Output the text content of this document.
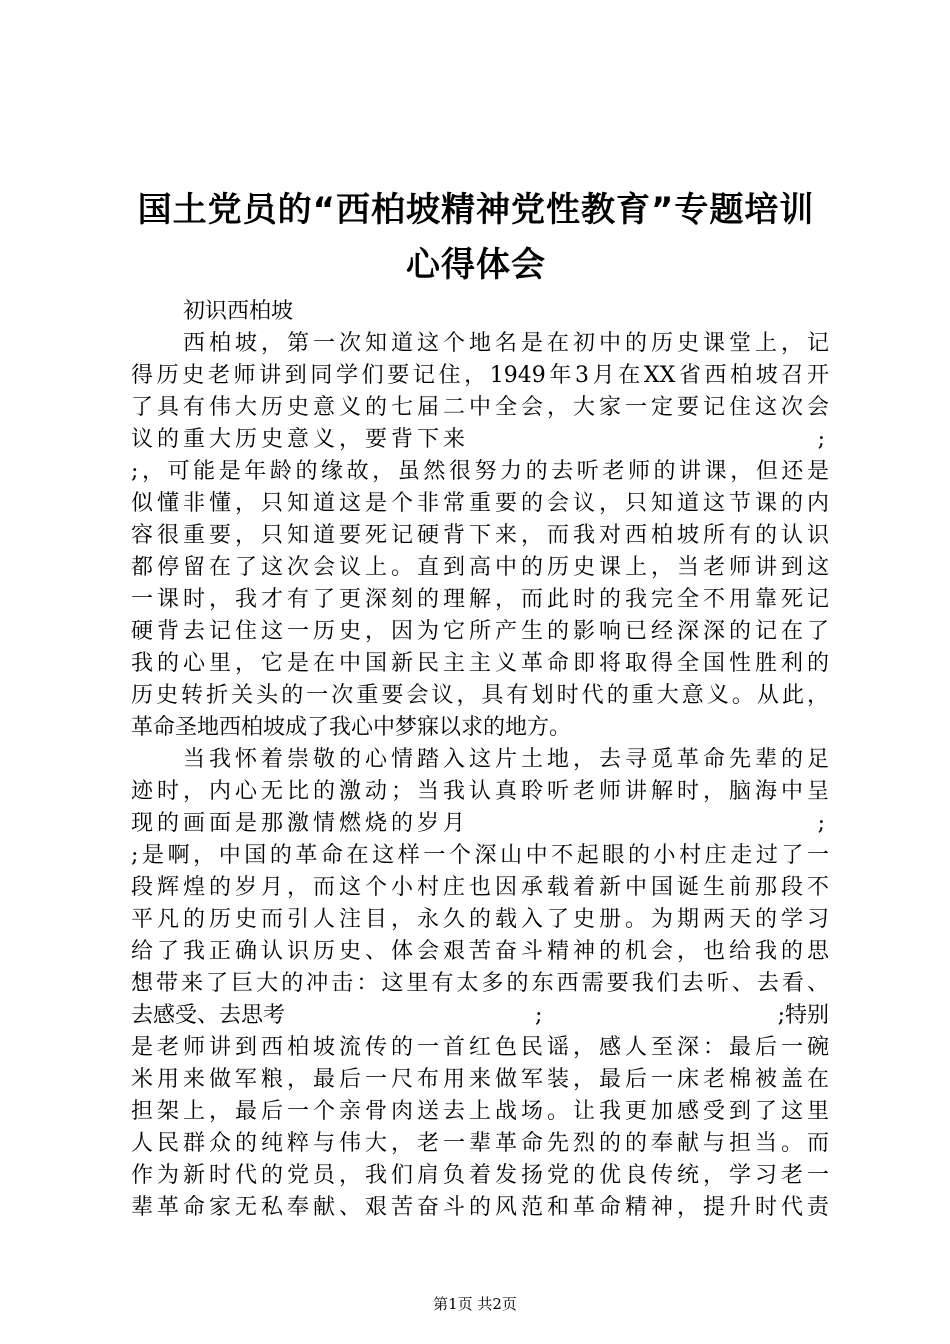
国土党员的“西柏坡精神党性教育”专题培训
心得体会
初识西柏坡
西柏坡，第一次知道这个地名是在初中的历史课堂上，记
得历史老师讲到同学们要记住，1949年3月在XX省西柏坡召开
了具有伟大历史意义的七届二中全会，大家一定要记住这次会
议的重大历史意义，要背下来	;
;，可能是年龄的缘故，虽然很努力的去听老师的讲课，但还是
似懂非懂，只知道这是个非常重要的会议，只知道这节课的内
容很重要，只知道要死记硬背下来，而我对西柏坡所有的认识
都停留在了这次会议上。直到高中的历史课上，当老师讲到这
一课时，我才有了更深刻的理解，而此时的我完全不用靠死记
硬背去记住这一历史，因为它所产生的影响已经深深的记在了
我的心里，它是在中国新民主主义革命即将取得全国性胜利的
历史转折关头的一次重要会议，具有划时代的重大意义。从此，
革命圣地西柏坡成了我心中梦寐以求的地方。
当我怀着崇敬的心情踏入这片土地，去寻觅革命先辈的足
迹时，内心无比的激动；当我认真聆听老师讲解时，脑海中呈
现的画面是那激情燃烧的岁月	;
;是啊，中国的革命在这样一个深山中不起眼的小村庄走过了一
段辉煌的岁月，而这个小村庄也因承载着新中国诞生前那段不
平凡的历史而引人注目，永久的载入了史册。为期两天的学习
给了我正确认识历史、体会艰苦奋斗精神的机会，也给我的思
想带来了巨大的冲击：这里有太多的东西需要我们去听、去看、
去感受、去思考	;	;特别
是老师讲到西柏坡流传的一首红色民谣，感人至深：最后一碗
米用来做军粮，最后一尺布用来做军装，最后一床老棉被盖在
担架上，最后一个亲骨肉送去上战场。让我更加感受到了这里
人民群众的纯粹与伟大，老一辈革命先烈的的奉献与担当。而
作为新时代的党员，我们肩负着发扬党的优良传统，学习老一
辈革命家无私奉献、艰苦奋斗的风范和革命精神，提升时代责
第1页 共2页
